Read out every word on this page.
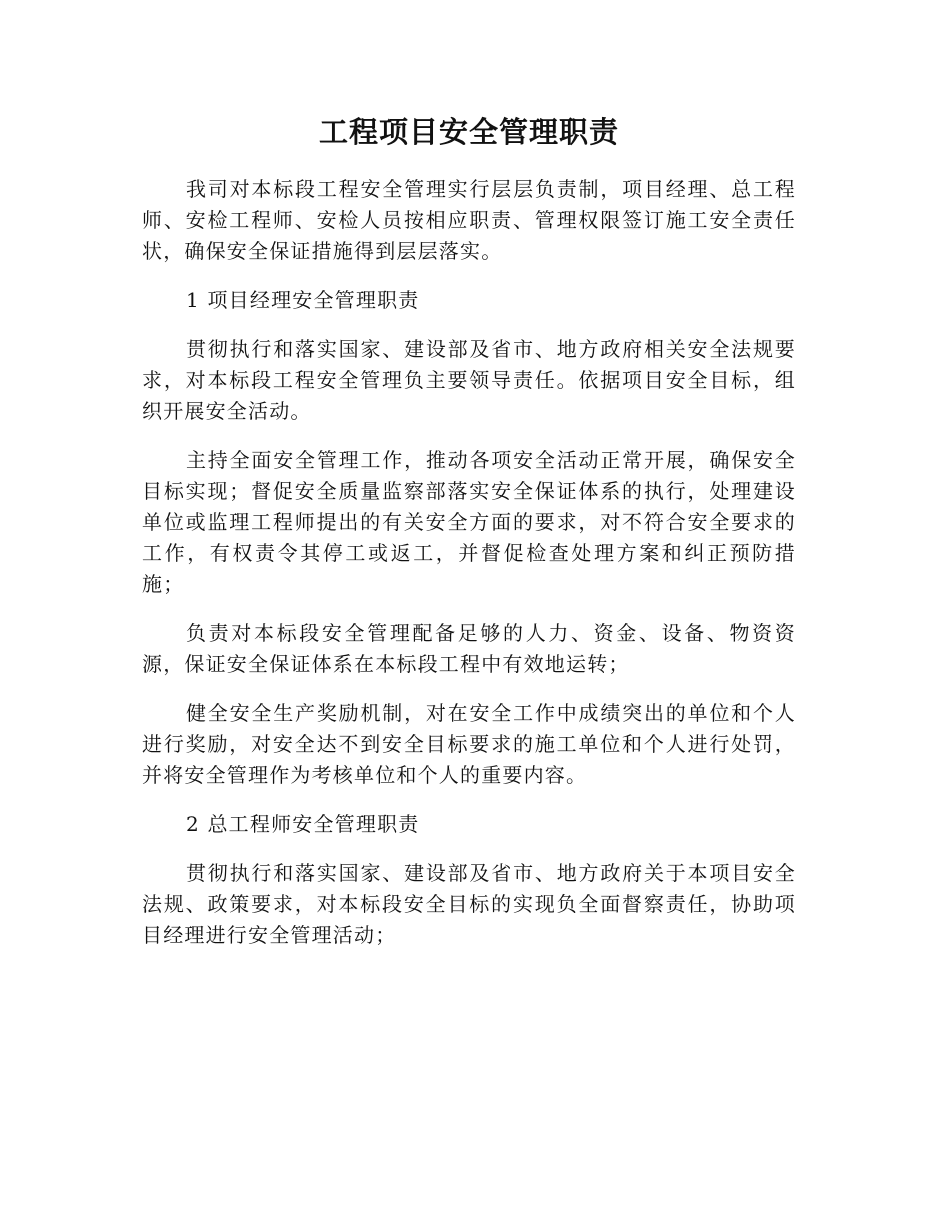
工程项目安全管理职责

我司对本标段工程安全管理实行层层负责制，项目经理、总工程师、安检工程师、安检人员按相应职责、管理权限签订施工安全责任状，确保安全保证措施得到层层落实。

1 项目经理安全管理职责

贯彻执行和落实国家、建设部及省市、地方政府相关安全法规要求，对本标段工程安全管理负主要领导责任。依据项目安全目标，组织开展安全活动。

主持全面安全管理工作，推动各项安全活动正常开展，确保安全目标实现；督促安全质量监察部落实安全保证体系的执行，处理建设单位或监理工程师提出的有关安全方面的要求，对不符合安全要求的工作，有权责令其停工或返工，并督促检查处理方案和纠正预防措施；

负责对本标段安全管理配备足够的人力、资金、设备、物资资源，保证安全保证体系在本标段工程中有效地运转；

健全安全生产奖励机制，对在安全工作中成绩突出的单位和个人进行奖励，对安全达不到安全目标要求的施工单位和个人进行处罚，并将安全管理作为考核单位和个人的重要内容。

2 总工程师安全管理职责

贯彻执行和落实国家、建设部及省市、地方政府关于本项目安全法规、政策要求，对本标段安全目标的实现负全面督察责任，协助项目经理进行安全管理活动；
